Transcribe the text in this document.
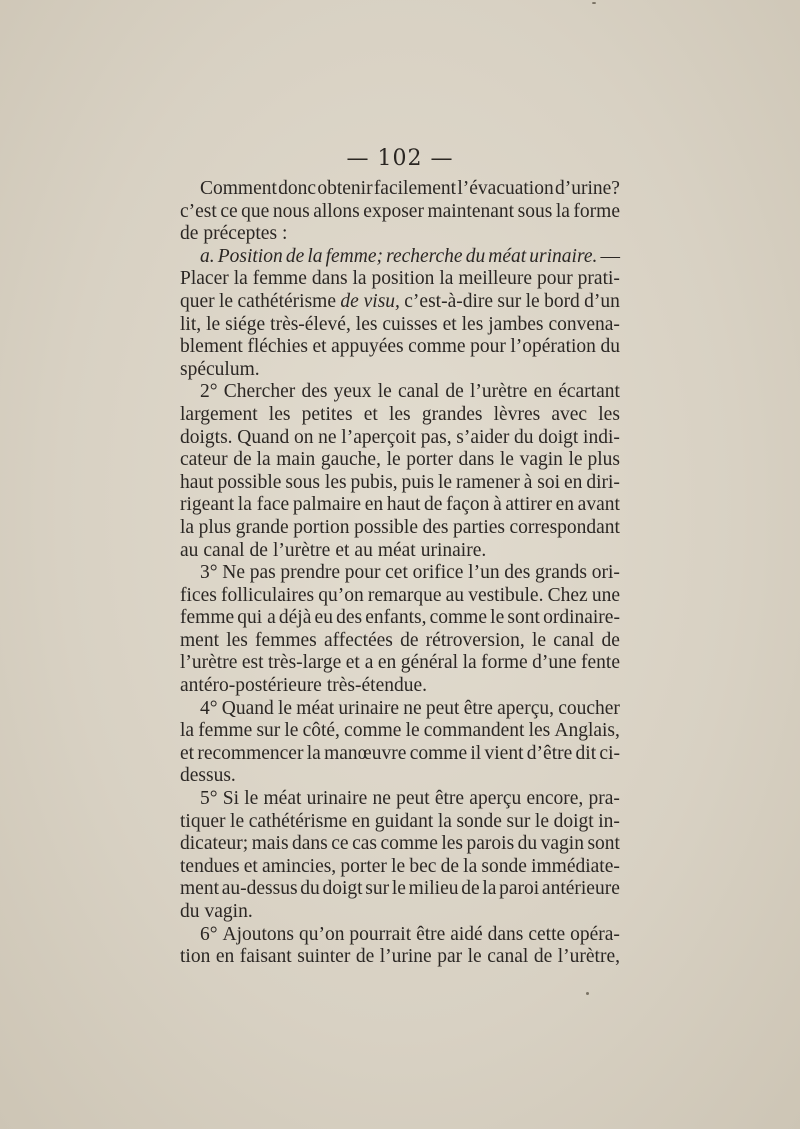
— 102 —
Comment donc obtenir facilement l’évacuation d’urine?
c’est ce que nous allons exposer maintenant sous la forme
de préceptes :
a. Position de la femme; recherche du méat urinaire. —
Placer la femme dans la position la meilleure pour prati-
quer le cathétérisme de visu, c’est-à-dire sur le bord d’un
lit, le siége très-élevé, les cuisses et les jambes convena-
blement fléchies et appuyées comme pour l’opération du
spéculum.
2° Chercher des yeux le canal de l’urètre en écartant
largement les petites et les grandes lèvres avec les
doigts. Quand on ne l’aperçoit pas, s’aider du doigt indi-
cateur de la main gauche, le porter dans le vagin le plus
haut possible sous les pubis, puis le ramener à soi en diri-
rigeant la face palmaire en haut de façon à attirer en avant
la plus grande portion possible des parties correspondant
au canal de l’urètre et au méat urinaire.
3° Ne pas prendre pour cet orifice l’un des grands ori-
fices folliculaires qu’on remarque au vestibule. Chez une
femme qui a déjà eu des enfants, comme le sont ordinaire-
ment les femmes affectées de rétroversion, le canal de
l’urètre est très-large et a en général la forme d’une fente
antéro-postérieure très-étendue.
4° Quand le méat urinaire ne peut être aperçu, coucher
la femme sur le côté, comme le commandent les Anglais,
et recommencer la manœuvre comme il vient d’être dit ci-
dessus.
5° Si le méat urinaire ne peut être aperçu encore, pra-
tiquer le cathétérisme en guidant la sonde sur le doigt in-
dicateur; mais dans ce cas comme les parois du vagin sont
tendues et amincies, porter le bec de la sonde immédiate-
ment au-dessus du doigt sur le milieu de la paroi antérieure
du vagin.
6° Ajoutons qu’on pourrait être aidé dans cette opéra-
tion en faisant suinter de l’urine par le canal de l’urètre,
